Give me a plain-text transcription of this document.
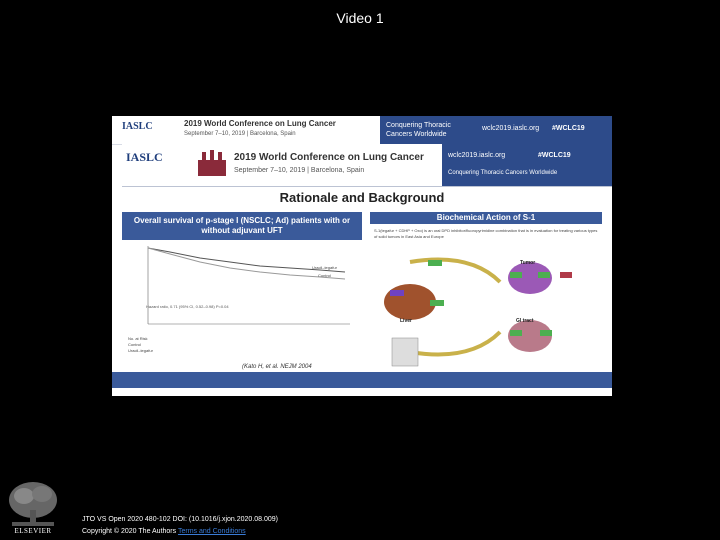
Video 1
IASLC	2019 World Conference on Lung Cancer
September 7–10, 2019 | Barcelona, Spain
Conquering Thoracic Cancers Worldwide
wclc2019.iaslc.org #WCLC19
IASLC	2019 World Conference on Lung Cancer
September 7–10, 2019 | Barcelona, Spain
wclc2019.iaslc.org	#WCLC19
Conquering Thoracic Cancers Worldwide
Rationale and Background
Overall survival of p-stage I (NSCLC; Ad) patients with or without adjuvant UFT
Uracil–tegafur
Control
Hazard ratio, 0.71 (95% CI, 0.52–0.98) P=0.04
No. at Risk
Control
Uracil–tegafur
(Kato H, et al. NEJM 2004
Biochemical Action of S-1
S-1(tegafur + CDHP + Oxo) is an oral DPD inhibitor/fluoropyrimidine combination that is in evaluation for treating various types of solid tumors in East Asia and Europe
Liver
Tumor
GI tract
ELSEVIER
JTO VS Open 2020 480-102 DOI: (10.1016/j.xjon.2020.08.009)
Copyright © 2020 The Authors Terms and Conditions
